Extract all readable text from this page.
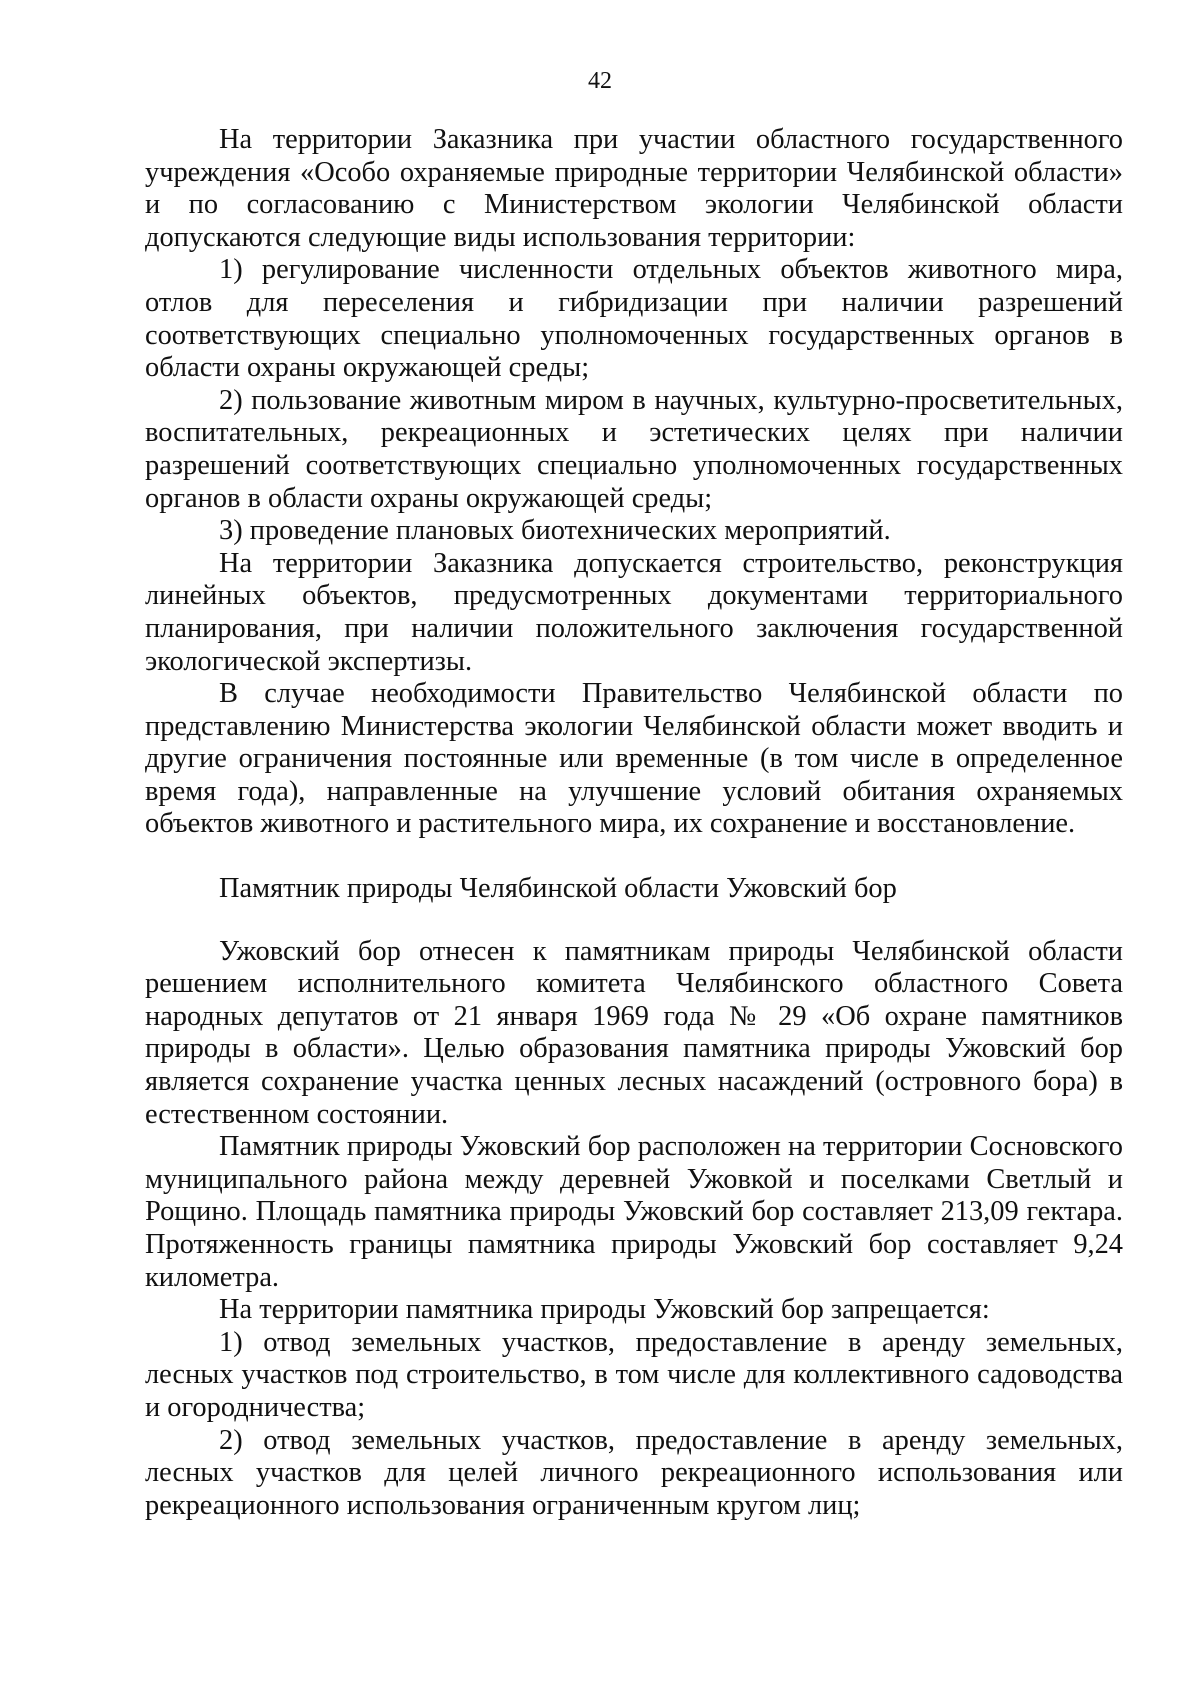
42

На территории Заказника при участии областного государственного учреждения «Особо охраняемые природные территории Челябинской области» и по согласованию с Министерством экологии Челябинской области допускаются следующие виды использования территории:

1) регулирование численности отдельных объектов животного мира, отлов для переселения и гибридизации при наличии разрешений соответствующих специально уполномоченных государственных органов в области охраны окружающей среды;

2) пользование животным миром в научных, культурно-просветительных, воспитательных, рекреационных и эстетических целях при наличии разрешений соответствующих специально уполномоченных государственных органов в области охраны окружающей среды;

3) проведение плановых биотехнических мероприятий.

На территории Заказника допускается строительство, реконструкция линейных объектов, предусмотренных документами территориального планирования, при наличии положительного заключения государственной экологической экспертизы.

В случае необходимости Правительство Челябинской области по представлению Министерства экологии Челябинской области может вводить и другие ограничения постоянные или временные (в том числе в определенное время года), направленные на улучшение условий обитания охраняемых объектов животного и растительного мира, их сохранение и восстановление.

Памятник природы Челябинской области Ужовский бор

Ужовский бор отнесен к памятникам природы Челябинской области решением исполнительного комитета Челябинского областного Совета народных депутатов от 21 января 1969 года № 29 «Об охране памятников природы в области». Целью образования памятника природы Ужовский бор является сохранение участка ценных лесных насаждений (островного бора) в естественном состоянии.

Памятник природы Ужовский бор расположен на территории Сосновского муниципального района между деревней Ужовкой и поселками Светлый и Рощино. Площадь памятника природы Ужовский бор составляет 213,09 гектара. Протяженность границы памятника природы Ужовский бор составляет 9,24 километра.

На территории памятника природы Ужовский бор запрещается:

1) отвод земельных участков, предоставление в аренду земельных, лесных участков под строительство, в том числе для коллективного садоводства и огородничества;

2) отвод земельных участков, предоставление в аренду земельных, лесных участков для целей личного рекреационного использования или рекреационного использования ограниченным кругом лиц;
